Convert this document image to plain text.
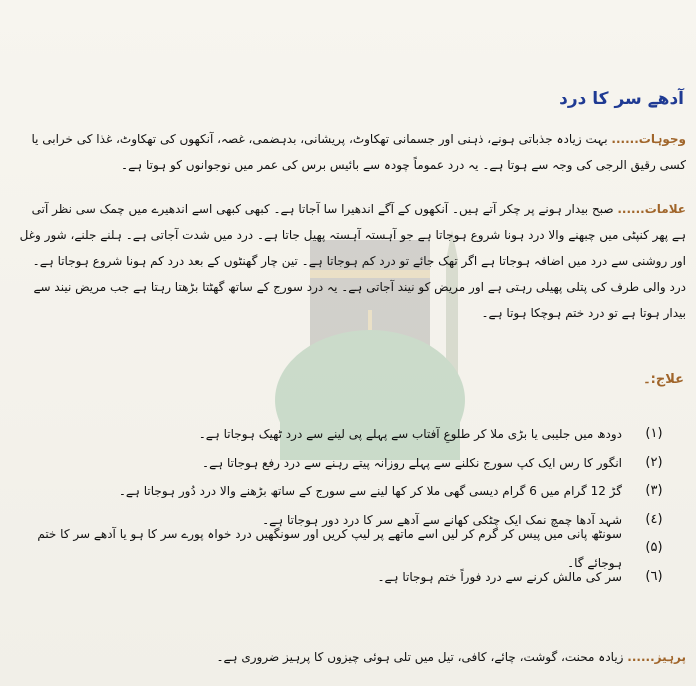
آدھے سر کا درد

وجوہات...... بہت زیادہ جذباتی ہونے، ذہنی اور جسمانی تھکاوٹ، پریشانی، بدہضمی، غصہ، آنکھوں کی تھکاوٹ، غذا کی خرابی یا کسی رقیق الرجی کی وجہ سے ہوتا ہے۔ یہ درد عموماً چودہ سے بائیس برس کی عمر میں نوجوانوں کو ہوتا ہے۔

علامات...... صبح بیدار ہونے پر چکر آتے ہیں۔ آنکھوں کے آگے اندھیرا سا آجاتا ہے۔ کبھی کبھی اسے اندھیرے میں چمک سی نظر آتی ہے پھر کنپٹی میں چبھنے والا درد ہونا شروع ہوجاتا ہے جو آہستہ آہستہ پھیل جاتا ہے۔ درد میں شدت آجاتی ہے۔ ہلنے جلنے، شور وغل اور روشنی سے درد میں اضافہ ہوجاتا ہے اگر تھک جائے تو درد کم ہوجاتا ہے۔ تین چار گھنٹوں کے بعد درد کم ہونا شروع ہوجاتا ہے۔ درد والی طرف کی پتلی پھیلی رہتی ہے اور مریض کو نیند آجاتی ہے۔ یہ درد سورج کے ساتھ گھٹتا بڑھتا رہتا ہے جب مریض نیند سے بیدار ہوتا ہے تو درد ختم ہوچکا ہوتا ہے۔

علاج:۔

(۱)
دودھ میں جلیبی یا بڑی ملا کر طلوعِ آفتاب سے پہلے پی لینے سے درد ٹھیک ہوجاتا ہے۔
(۲)
انگور کا رس ایک کپ سورج نکلنے سے پہلے روزانہ پیتے رہنے سے درد رفع ہوجاتا ہے۔
(۳)
گڑ 12 گرام میں 6 گرام دیسی گھی ملا کر کھا لینے سے سورج کے ساتھ بڑھنے والا درد دُور ہوجاتا ہے۔
(٤)
شہد آدھا چمچ نمک ایک چٹکی کھانے سے آدھے سر کا درد دور ہوجاتا ہے۔
(۵)
سونٹھ پانی میں پیس کر گرم کر لیں اسے ماتھے پر لیپ کریں اور سونگھیں درد خواہ پورے سر کا ہو یا آدھے سر کا ختم ہوجائے گا۔
(٦)
سر کی مالش کرنے سے درد فوراً ختم ہوجاتا ہے۔

پرہیز...... زیادہ محنت، گوشت، چائے، کافی، تیل میں تلی ہوئی چیزوں کا پرہیز ضروری ہے۔
